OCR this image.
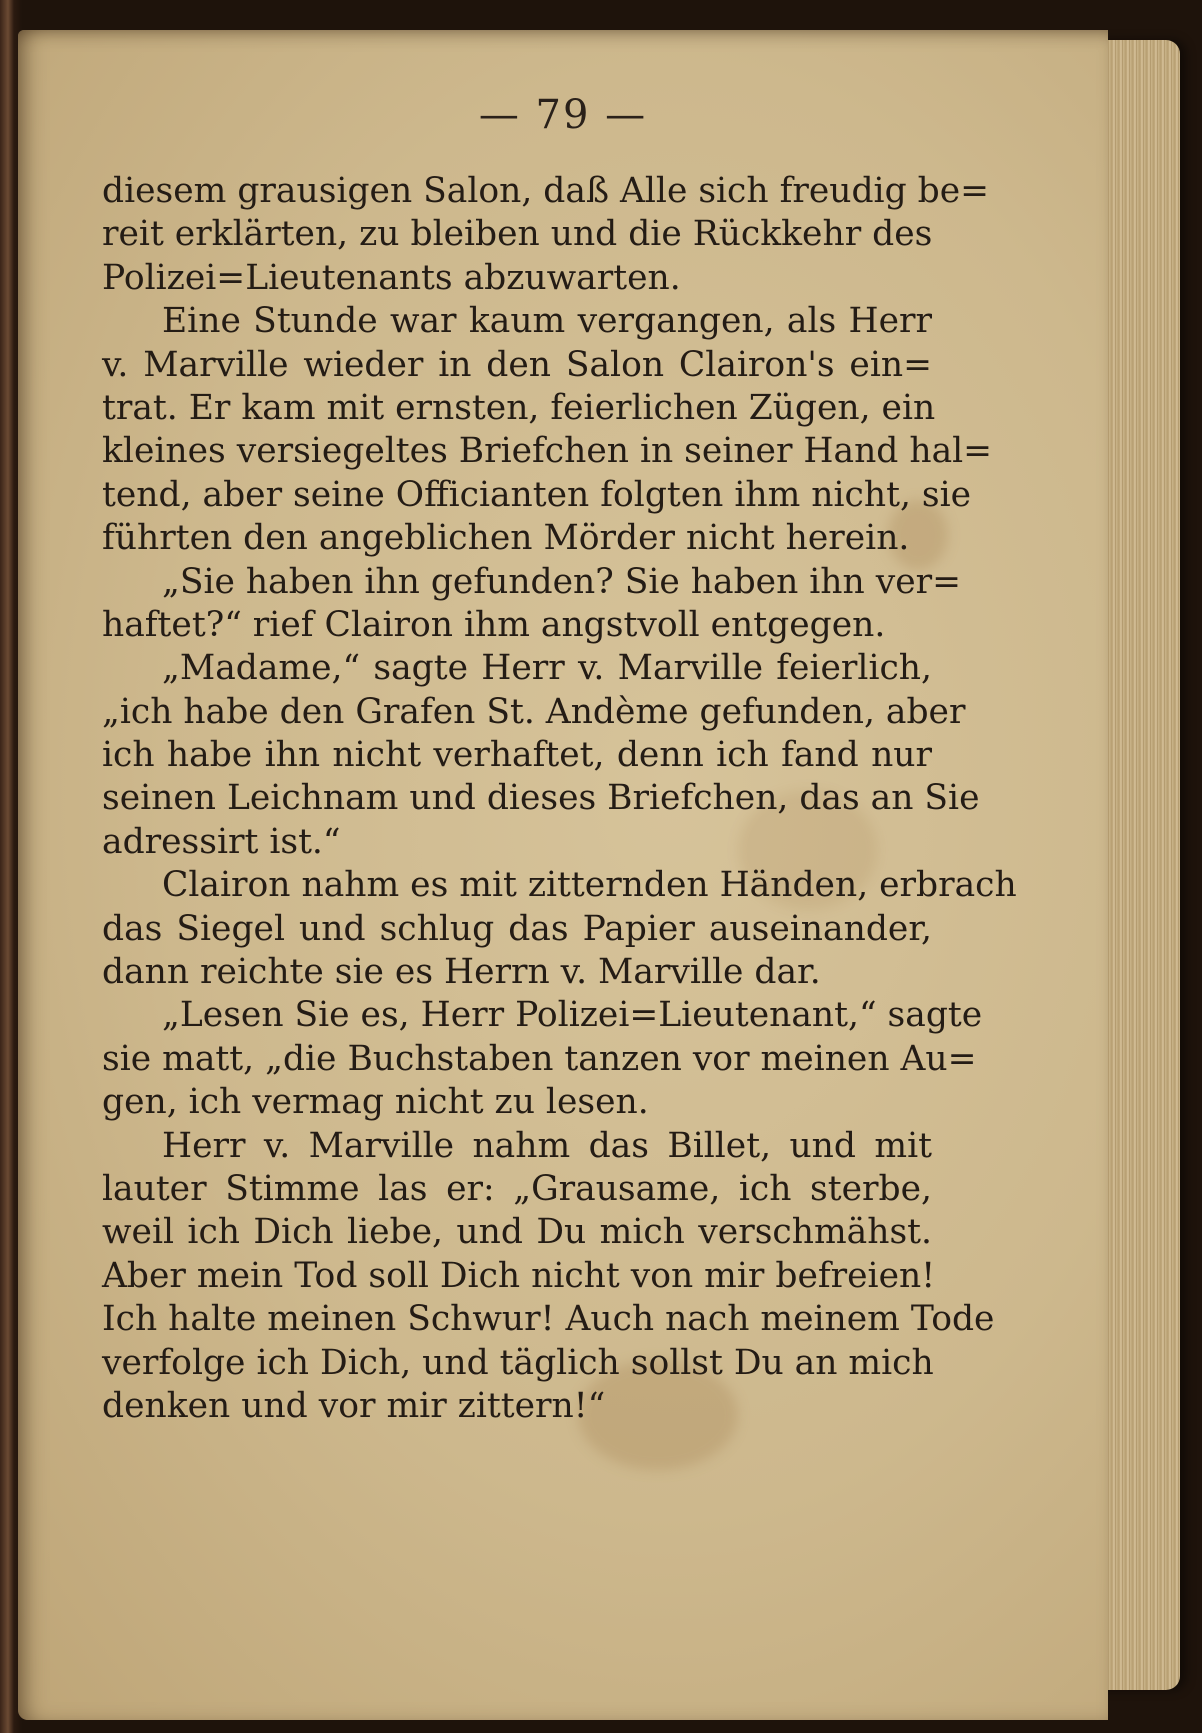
— 79 —
diesem grausigen Salon, daß Alle sich freudig be=
reit erklärten, zu bleiben und die Rückkehr des
Polizei=Lieutenants abzuwarten.
Eine Stunde war kaum vergangen, als Herr
v. Marville wieder in den Salon Clairon's ein=
trat. Er kam mit ernsten, feierlichen Zügen, ein
kleines versiegeltes Briefchen in seiner Hand hal=
tend, aber seine Officianten folgten ihm nicht, sie
führten den angeblichen Mörder nicht herein.
„Sie haben ihn gefunden? Sie haben ihn ver=
haftet?“ rief Clairon ihm angstvoll entgegen.
„Madame,“ sagte Herr v. Marville feierlich,
„ich habe den Grafen St. Andème gefunden, aber
ich habe ihn nicht verhaftet, denn ich fand nur
seinen Leichnam und dieses Briefchen, das an Sie
adressirt ist.“
Clairon nahm es mit zitternden Händen, erbrach
das Siegel und schlug das Papier auseinander,
dann reichte sie es Herrn v. Marville dar.
„Lesen Sie es, Herr Polizei=Lieutenant,“ sagte
sie matt, „die Buchstaben tanzen vor meinen Au=
gen, ich vermag nicht zu lesen.
Herr v. Marville nahm das Billet, und mit
lauter Stimme las er: „Grausame, ich sterbe,
weil ich Dich liebe, und Du mich verschmähst.
Aber mein Tod soll Dich nicht von mir befreien!
Ich halte meinen Schwur! Auch nach meinem Tode
verfolge ich Dich, und täglich sollst Du an mich
denken und vor mir zittern!“
